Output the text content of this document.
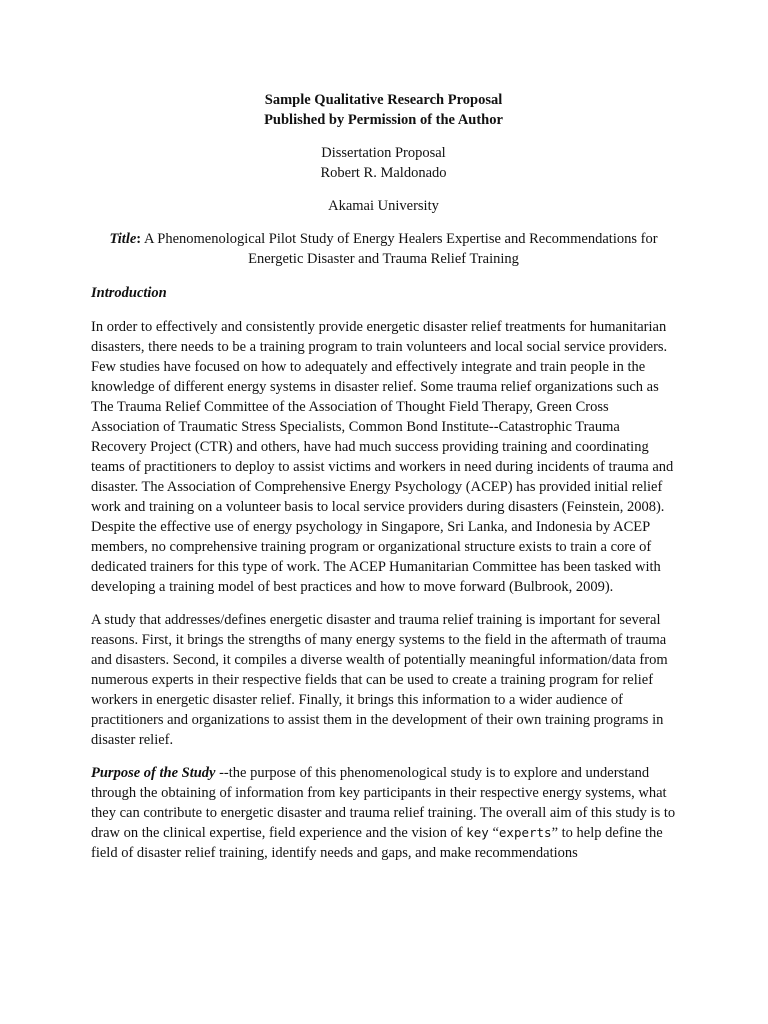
Sample Qualitative Research Proposal

Published by Permission of the Author

Dissertation Proposal

Robert R. Maldonado

Akamai University

Title: A Phenomenological Pilot Study of Energy Healers Expertise and Recommendations for Energetic Disaster and Trauma Relief Training

Introduction

In order to effectively and consistently provide energetic disaster relief treatments for humanitarian disasters, there needs to be a training program to train volunteers and local social service providers. Few studies have focused on how to adequately and effectively integrate and train people in the knowledge of different energy systems in disaster relief. Some trauma relief organizations such as The Trauma Relief Committee of the Association of Thought Field Therapy, Green Cross Association of Traumatic Stress Specialists, Common Bond Institute--Catastrophic Trauma Recovery Project (CTR) and others, have had much success providing training and coordinating teams of practitioners to deploy to assist victims and workers in need during incidents of trauma and disaster. The Association of Comprehensive Energy Psychology (ACEP) has provided initial relief work and training on a volunteer basis to local service providers during disasters (Feinstein, 2008). Despite the effective use of energy psychology in Singapore, Sri Lanka, and Indonesia by ACEP members, no comprehensive training program or organizational structure exists to train a core of dedicated trainers for this type of work. The ACEP Humanitarian Committee has been tasked with developing a training model of best practices and how to move forward (Bulbrook, 2009).

A study that addresses/defines energetic disaster and trauma relief training is important for several reasons. First, it brings the strengths of many energy systems to the field in the aftermath of trauma and disasters. Second, it compiles a diverse wealth of potentially meaningful information/data from numerous experts in their respective fields that can be used to create a training program for relief workers in energetic disaster relief. Finally, it brings this information to a wider audience of practitioners and organizations to assist them in the development of their own training programs in disaster relief.

Purpose of the Study --the purpose of this phenomenological study is to explore and understand through the obtaining of information from key participants in their respective energy systems, what they can contribute to energetic disaster and trauma relief training. The overall aim of this study is to draw on the clinical expertise, field experience and the vision of key “experts” to help define the field of disaster relief training, identify needs and gaps, and make recommendations
